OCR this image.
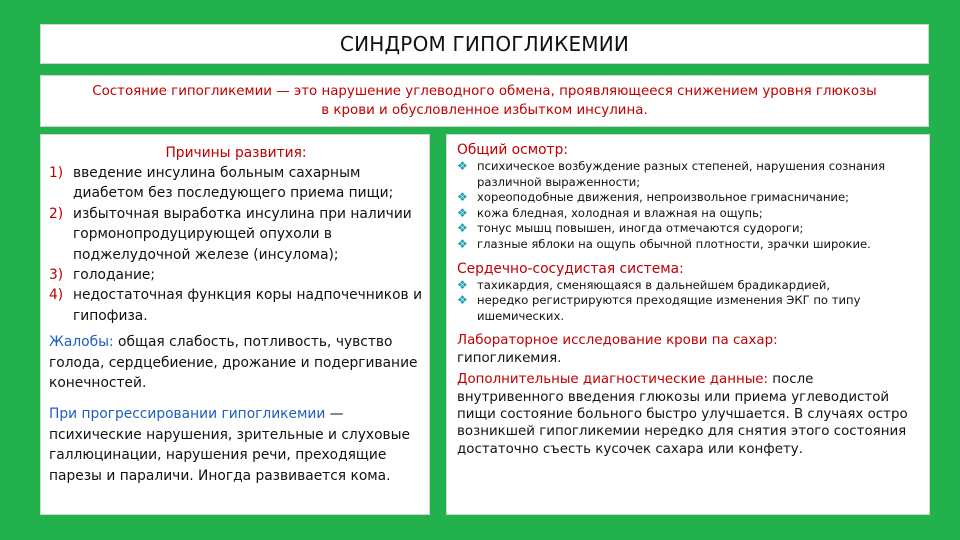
СИНДРОМ ГИПОГЛИКЕМИИ
Состояние гипогликемии — это нарушение углеводного обмена, проявляющееся снижением уровня глюкозы
в крови и обусловленное избытком инсулина.
Причины развития:
1) введение инсулина больным сахарным диабетом без последующего приема пищи;
2) избыточная выработка инсулина при наличии гормонопродуцирующей опухоли в поджелудочной железе (инсулома);
3) голодание;
4) недостаточная функция коры надпочечников и гипофиза.
Жалобы: общая слабость, потливость, чувство голода, сердцебиение, дрожание и подергивание конечностей.
При прогрессировании гипогликемии — психические нарушения, зрительные и слуховые галлюцинации, нарушения речи, преходящие парезы и параличи. Иногда развивается кома.
Общий осмотр:
❖ психическое возбуждение разных степеней, нарушения сознания различной выраженности;
❖ хореоподобные движения, непроизвольное гримасничание;
❖ кожа бледная, холодная и влажная на ощупь;
❖ тонус мышц повышен, иногда отмечаются судороги;
❖ глазные яблоки на ощупь обычной плотности, зрачки широкие.
Сердечно-сосудистая система:
❖ тахикардия, сменяющаяся в дальнейшем брадикардией,
❖ нередко регистрируются преходящие изменения ЭКГ по типу ишемических.
Лабораторное исследование крови па сахар:
гипогликемия.
Дополнительные диагностические данные: после внутривенного введения глюкозы или приема углеводистой пищи состояние больного быстро улучшается. В случаях остро возникшей гипогликемии нередко для снятия этого состояния достаточно съесть кусочек сахара или конфету.
